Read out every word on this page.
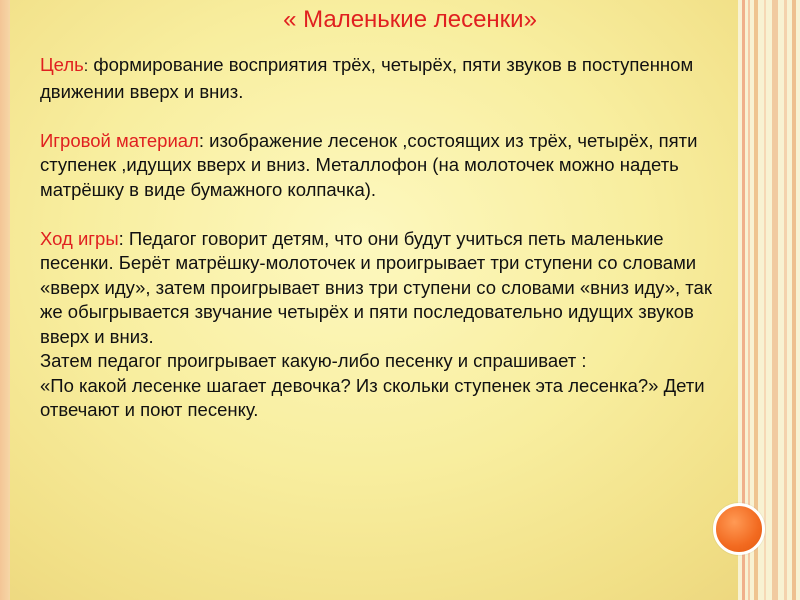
« Маленькие лесенки»

Цель: формирование восприятия трёх, четырёх, пяти звуков в поступенном движении вверх и вниз.

Игровой материал: изображение лесенок ,состоящих из трёх, четырёх, пяти ступенек ,идущих вверх и вниз. Металлофон (на молоточек можно надеть матрёшку в виде бумажного колпачка).

Ход игры: Педагог говорит детям, что они будут учиться петь маленькие песенки. Берёт матрёшку-молоточек и проигрывает три ступени со словами «вверх иду», затем проигрывает вниз три ступени со словами «вниз иду», так же обыгрывается звучание четырёх и пяти последовательно идущих звуков вверх и вниз.

Затем педагог проигрывает какую-либо песенку и спрашивает :

«По какой лесенке шагает девочка? Из скольки ступенек эта лесенка?» Дети отвечают и поют песенку.
